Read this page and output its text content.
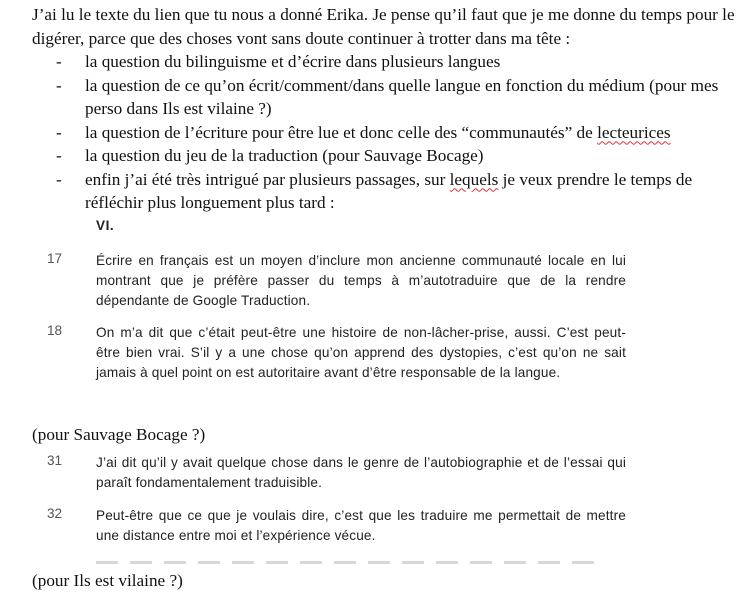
J’ai lu le texte du lien que tu nous a donné Erika. Je pense qu’il faut que je me donne du temps pour le digérer, parce que des choses vont sans doute continuer à trotter dans ma tête :

- la question du bilinguisme et d’écrire dans plusieurs langues
- la question de ce qu’on écrit/comment/dans quelle langue en fonction du médium (pour mes perso dans Ils est vilaine ?)
- la question de l’écriture pour être lue et donc celle des “communautés” de lecteurices
- la question du jeu de la traduction (pour Sauvage Bocage)
- enfin j’ai été très intrigué par plusieurs passages, sur lequels je veux prendre le temps de réfléchir plus longuement plus tard :
VI.
17 Écrire en français est un moyen d’inclure mon ancienne communauté locale en lui montrant que je préfère passer du temps à m’autotraduire que de la rendre dépendante de Google Traduction.
18 On m’a dit que c’était peut-être une histoire de non-lâcher-prise, aussi. C’est peut-être bien vrai. S’il y a une chose qu’on apprend des dystopies, c’est qu’on ne sait jamais à quel point on est autoritaire avant d’être responsable de la langue.
(pour Sauvage Bocage ?)
31 J’ai dit qu’il y avait quelque chose dans le genre de l’autobiographie et de l’essai qui paraît fondamentalement traduisible.
32 Peut-être que ce que je voulais dire, c’est que les traduire me permettait de mettre une distance entre moi et l’expérience vécue.
(pour Ils est vilaine ?)
